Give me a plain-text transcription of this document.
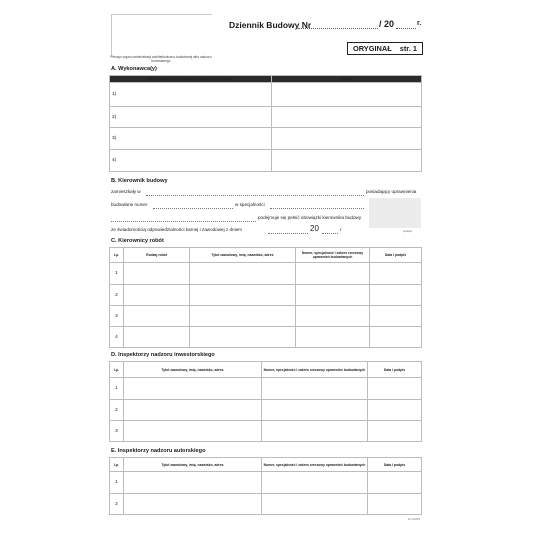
Pieczęć organu administracji architektoniczno-budowlanej albo nadzoru budowlanego
Dziennik Budowy Nr	/ 20	r.
ORYGINAŁ str. 1
A. Wykonawca(y)
IMIĘ I NAZWISKO LUB NAZWA (FIRMA) WYKONAWCY	ADRES
1)	
2)	
3)	
4)	
B. Kierownik budowy
zamieszkały w	posiadający uprawnienia
budowlane numer	w specjalności
podejmuje się pełnić obowiązki kierownika budowy
ze świadomością odpowiedzialności karnej i zawodowej z dniem	20	r.	podpis
C. Kierownicy robót
Lp.	Rodzaj robót	Tytuł zawodowy, imię, nazwisko, adres	Numer, specjalność i zakres rzeczowy uprawnień budowlanych	Data i podpis
1				
2				
3				
4				
D. Inspektorzy nadzoru inwestorskiego
Lp.	Tytuł zawodowy, imię, nazwisko, adres	Numer, specjalność i zakres rzeczowy uprawnień budowlanych	Data i podpis
1			
2			
3			
E. Inspektorzy nadzoru autorskiego
Lp.	Tytuł zawodowy, imię, nazwisko, adres	Numer, specjalność i zakres rzeczowy uprawnień budowlanych	Data i podpis
1			
2			
D-1/2007
